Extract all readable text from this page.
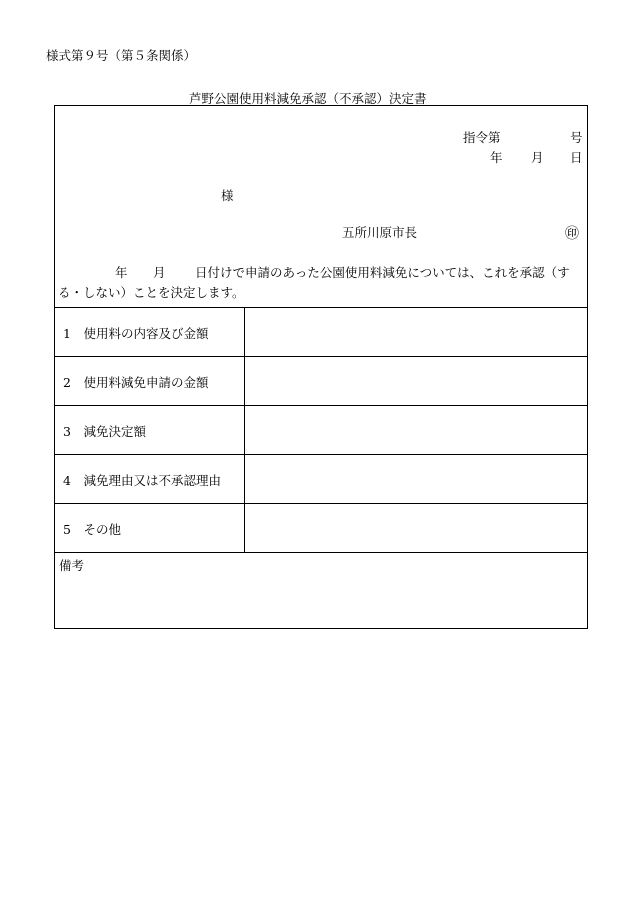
様式第９号（第５条関係）
芦野公園使用料減免承認（不承認）決定書
指令第	号
年 月 日
様
五所川原市長	㊞
年 月 日付けで申請のあった公園使用料減免については、これを承認（す
る・しない）ことを決定します。
1　使用料の内容及び金額
2　使用料減免申請の金額
3　減免決定額
4　減免理由又は不承認理由
5　その他
備考
